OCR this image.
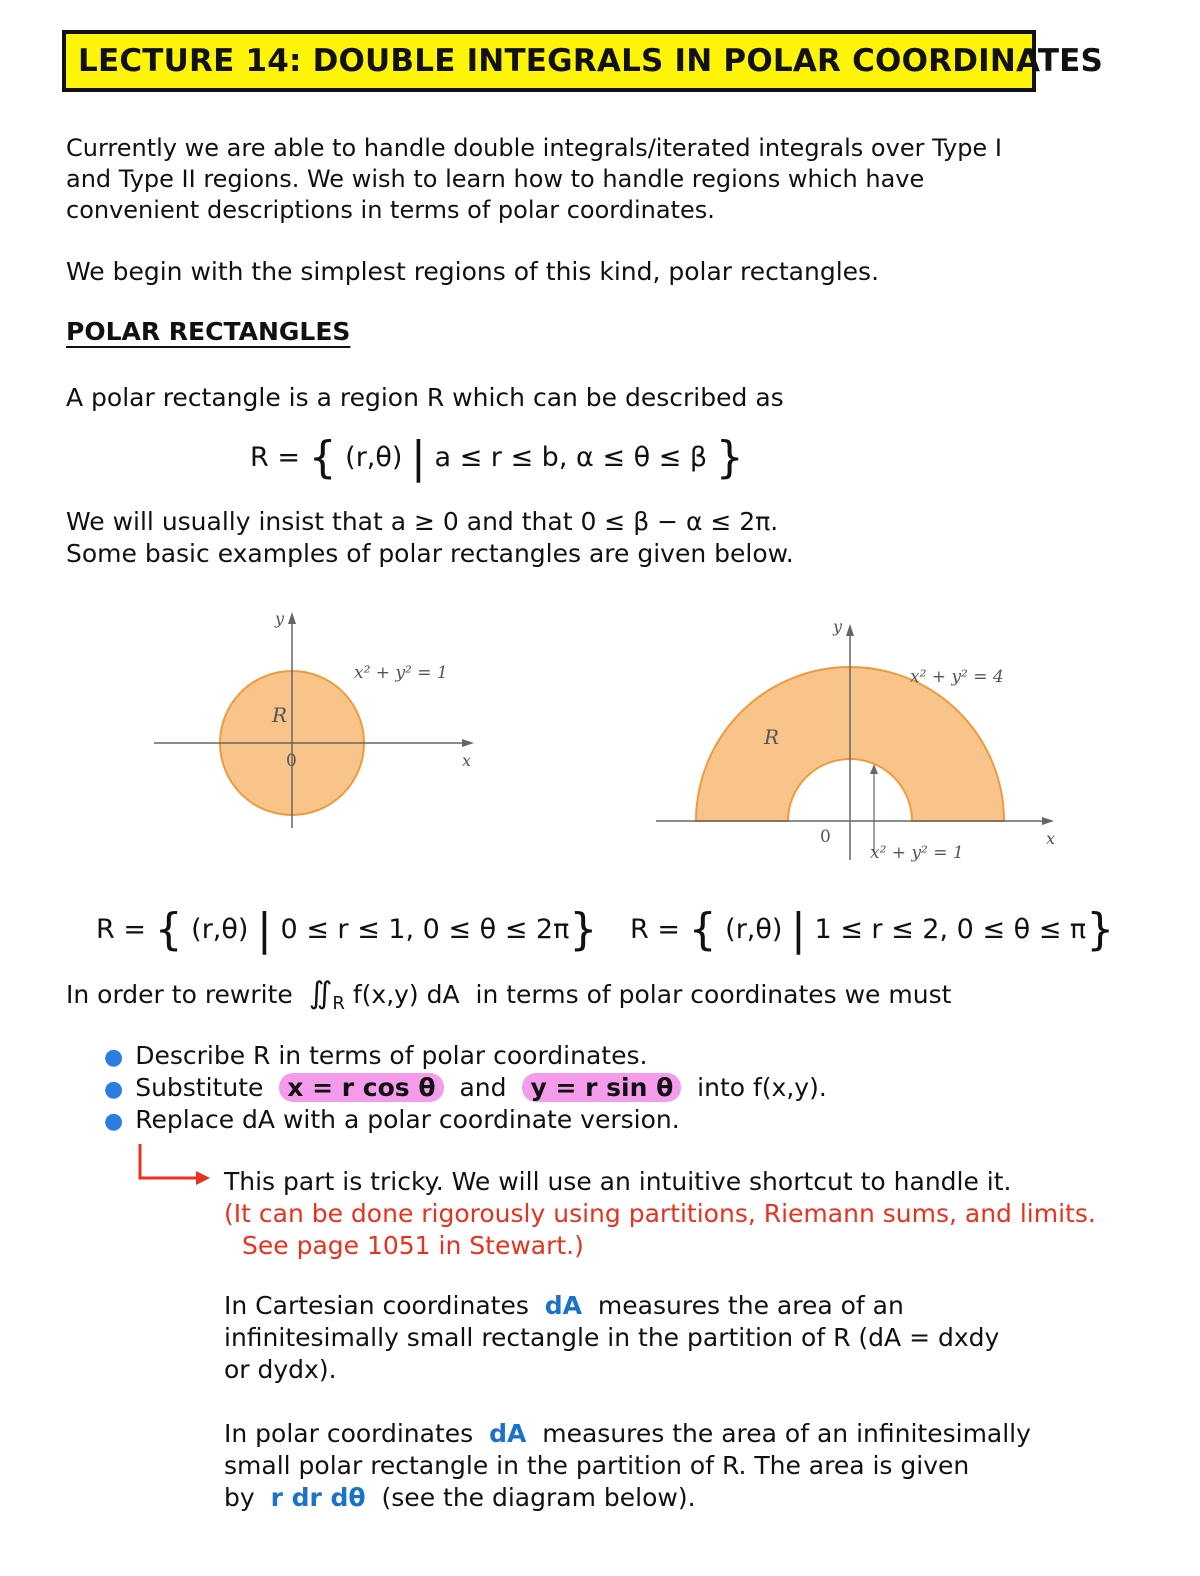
LECTURE 14: DOUBLE INTEGRALS IN POLAR COORDINATES
Currently we are able to handle double integrals/iterated integrals over Type I
and Type II regions. We wish to learn how to handle regions which have
convenient descriptions in terms of polar coordinates.
We begin with the simplest regions of this kind, polar rectangles.
POLAR RECTANGLES
A polar rectangle is a region R which can be described as
R = { (r,θ) | a ≤ r ≤ b, α ≤ θ ≤ β }
We will usually insist that a ≥ 0 and that 0 ≤ β − α ≤ 2π.
Some basic examples of polar rectangles are given below.
y
x
R
0
x² + y² = 1
y
x
R
0
x² + y² = 4
x² + y² = 1
R = { (r,θ) | 0 ≤ r ≤ 1, 0 ≤ θ ≤ 2π} R = { (r,θ) | 1 ≤ r ≤ 2, 0 ≤ θ ≤ π}
In order to rewrite $∬_R$ f(x,y) dA in terms of polar coordinates we must
● Describe R in terms of polar coordinates.
● Substitute x = r cos θ and y = r sin θ into f(x,y).
● Replace dA with a polar coordinate version.
This part is tricky. We will use an intuitive shortcut to handle it.
(It can be done rigorously using partitions, Riemann sums, and limits.
See page 1051 in Stewart.)
In Cartesian coordinates dA measures the area of an
infinitesimally small rectangle in the partition of R (dA = dxdy
or dydx).
In polar coordinates dA measures the area of an infinitesimally
small polar rectangle in the partition of R. The area is given
by r dr dθ (see the diagram below).
